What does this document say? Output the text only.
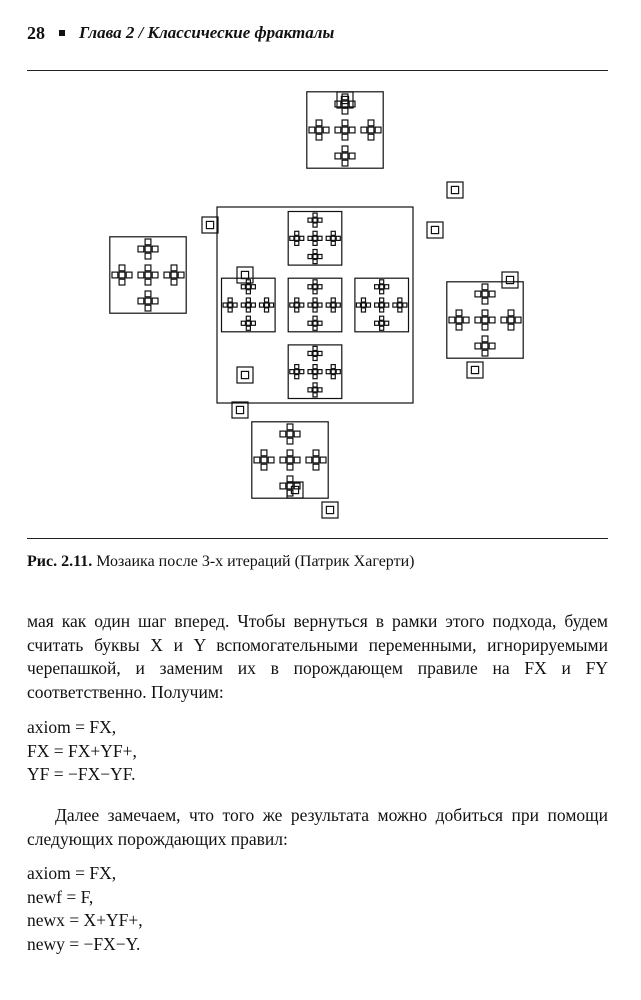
28 Глава 2 / Классические фракталы
Рис. 2.11. Мозаика после 3-х итераций (Патрик Хагерти)
мая как один шаг вперед. Чтобы вернуться в рамки этого подхода, будем считать буквы X и Y вспомогательными переменными, игнорируемыми черепашкой, и заменим их в порождающем правиле на FX и FY соответственно. Получим:
axiom = FX,
FX = FX+YF+,
YF = −FX−YF.
Далее замечаем, что того же результата можно добиться при помощи следующих порождающих правил:
axiom = FX,
newf = F,
newx = X+YF+,
newy = −FX−Y.
